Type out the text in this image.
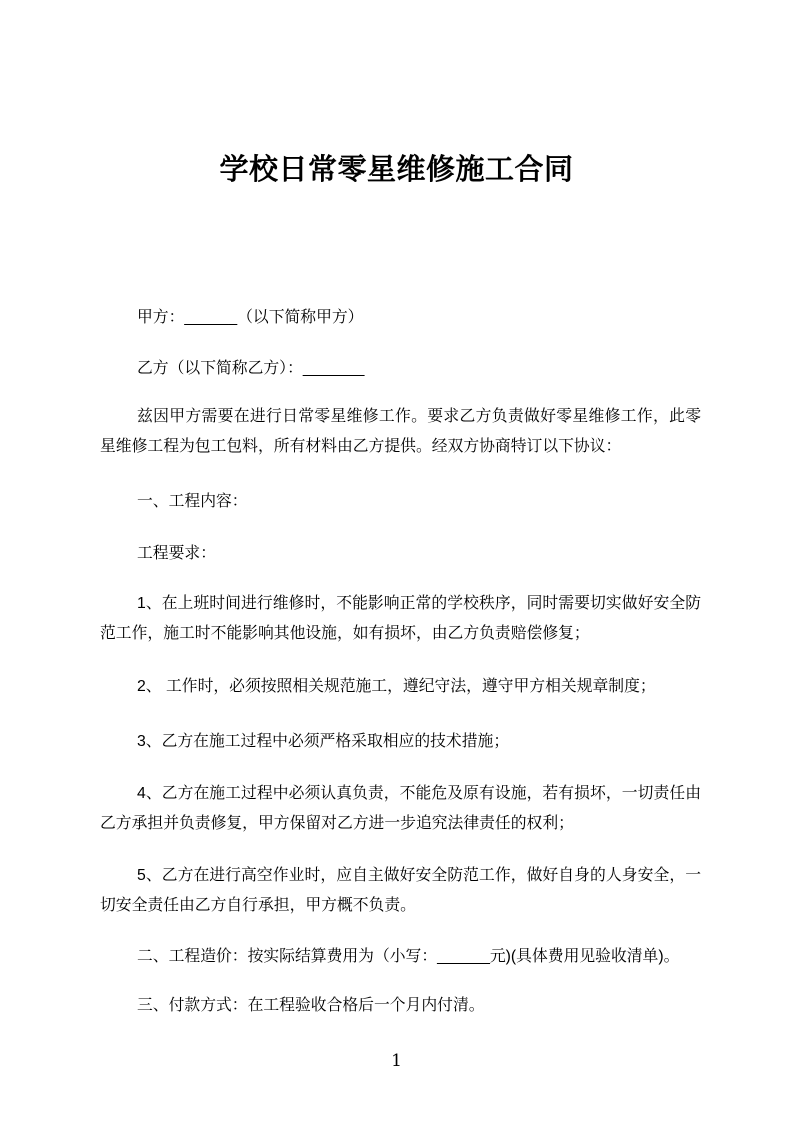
学校日常零星维修施工合同

甲方：______（以下简称甲方）

乙方（以下简称乙方）：_______

兹因甲方需要在进行日常零星维修工作。要求乙方负责做好零星维修工作，此零星维修工程为包工包料，所有材料由乙方提供。经双方协商特订以下协议：

一、工程内容：

工程要求：

1、在上班时间进行维修时，不能影响正常的学校秩序，同时需要切实做好安全防范工作，施工时不能影响其他设施，如有损坏，由乙方负责赔偿修复；

2、 工作时，必须按照相关规范施工，遵纪守法，遵守甲方相关规章制度；

3、乙方在施工过程中必须严格采取相应的技术措施；

4、乙方在施工过程中必须认真负责，不能危及原有设施，若有损坏，一切责任由乙方承担并负责修复，甲方保留对乙方进一步追究法律责任的权利；

5、乙方在进行高空作业时，应自主做好安全防范工作，做好自身的人身安全，一切安全责任由乙方自行承担，甲方概不负责。

二、工程造价：按实际结算费用为（小写：______元)(具体费用见验收清单)。

三、付款方式：在工程验收合格后一个月内付清。

1
